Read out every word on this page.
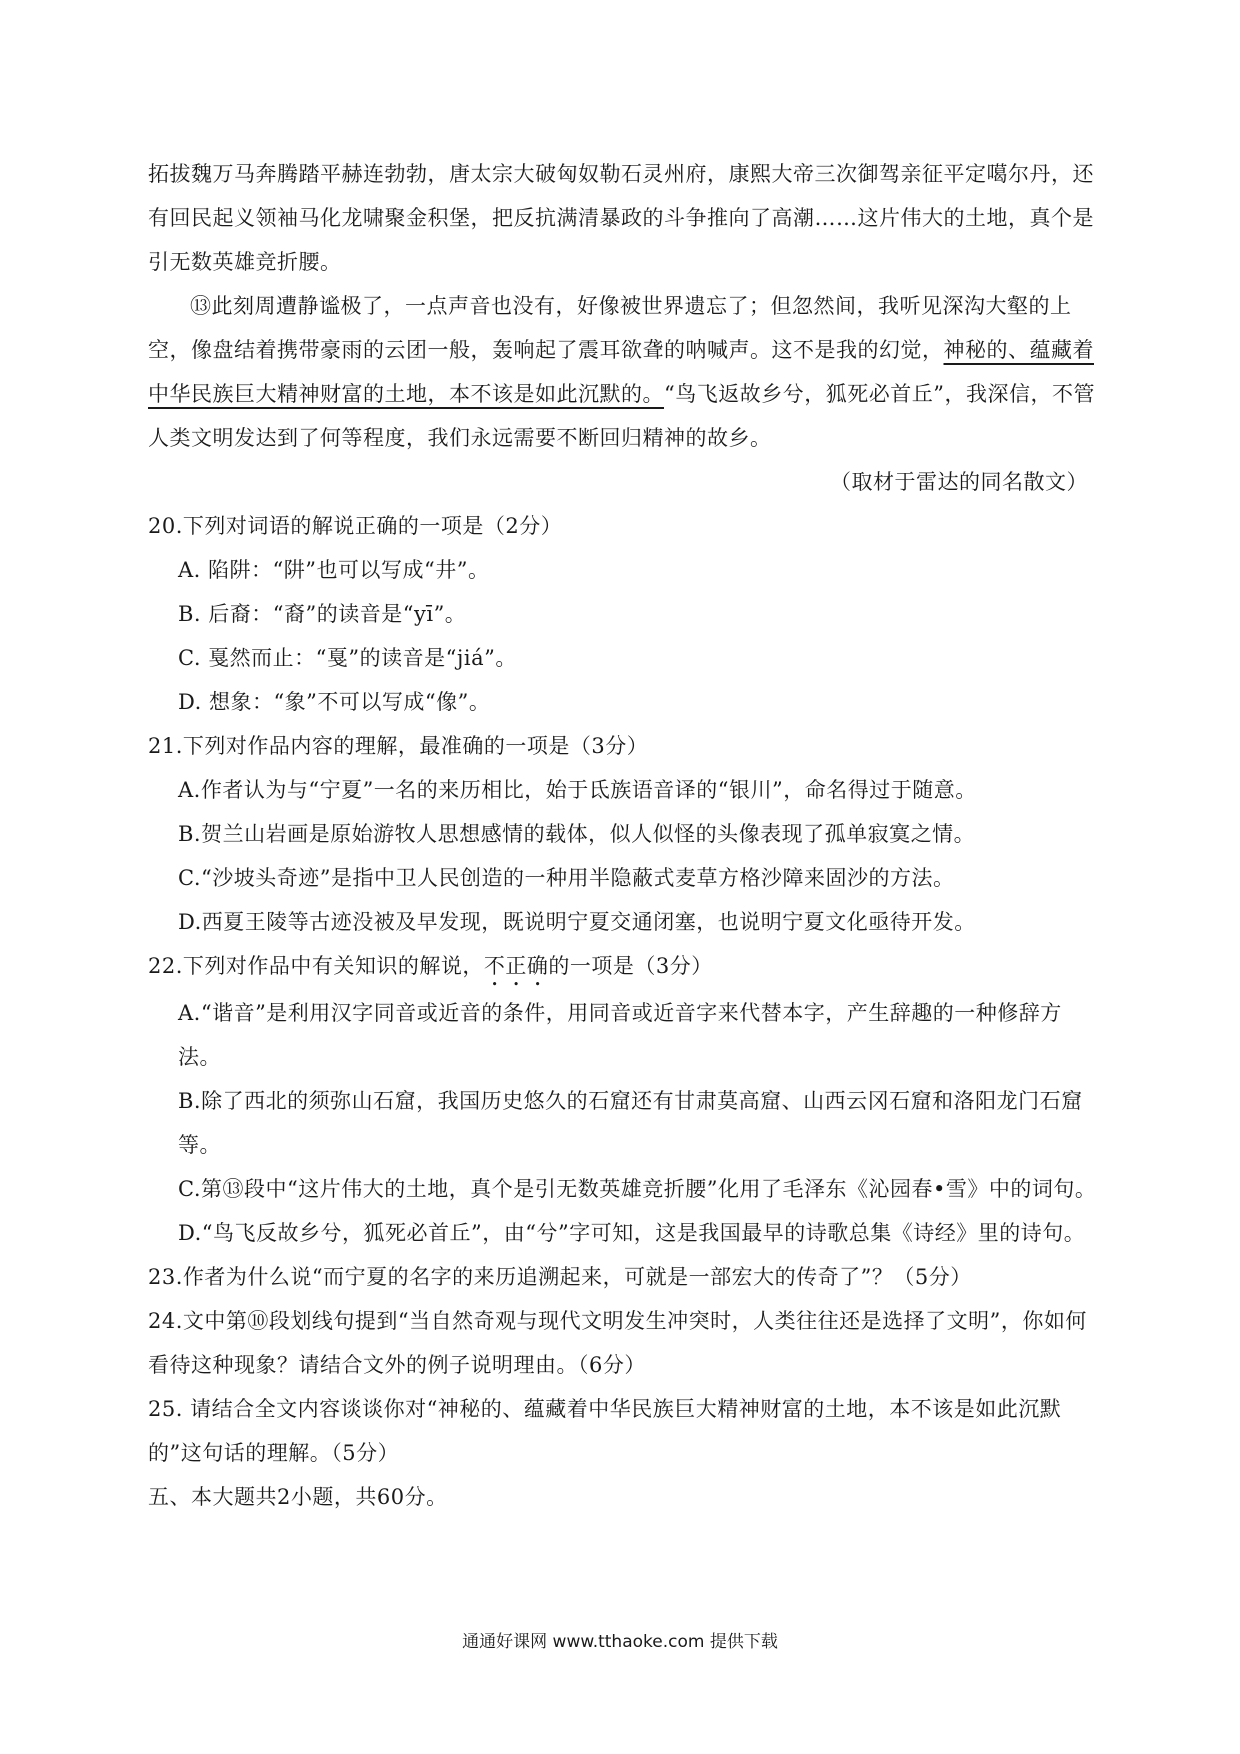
拓拔魏万马奔腾踏平赫连勃勃，唐太宗大破匈奴勒石灵州府，康熙大帝三次御驾亲征平定噶尔丹，还有回民起义领袖马化龙啸聚金积堡，把反抗满清暴政的斗争推向了高潮……这片伟大的土地，真个是引无数英雄竞折腰。

⑬此刻周遭静谧极了，一点声音也没有，好像被世界遗忘了；但忽然间，我听见深沟大壑的上空，像盘结着携带豪雨的云团一般，轰响起了震耳欲聋的呐喊声。这不是我的幻觉，神秘的、蕴藏着中华民族巨大精神财富的土地，本不该是如此沉默的。“鸟飞返故乡兮，狐死必首丘”，我深信，不管人类文明发达到了何等程度，我们永远需要不断回归精神的故乡。

（取材于雷达的同名散文）

20.下列对词语的解说正确的一项是（2分）

A. 陷阱：“阱”也可以写成“井”。

B. 后裔：“裔”的读音是“yī”。

C. 戛然而止：“戛”的读音是“jiá”。

D. 想象：“象”不可以写成“像”。

21.下列对作品内容的理解，最准确的一项是（3分）

A.作者认为与“宁夏”一名的来历相比，始于氐族语音译的“银川”，命名得过于随意。

B.贺兰山岩画是原始游牧人思想感情的载体，似人似怪的头像表现了孤单寂寞之情。

C.“沙坡头奇迹”是指中卫人民创造的一种用半隐蔽式麦草方格沙障来固沙的方法。

D.西夏王陵等古迹没被及早发现，既说明宁夏交通闭塞，也说明宁夏文化亟待开发。

22.下列对作品中有关知识的解说，不正确的一项是（3分）

A.“谐音”是利用汉字同音或近音的条件，用同音或近音字来代替本字，产生辞趣的一种修辞方法。

B.除了西北的须弥山石窟，我国历史悠久的石窟还有甘肃莫高窟、山西云冈石窟和洛阳龙门石窟等。

C.第⑬段中“这片伟大的土地，真个是引无数英雄竞折腰”化用了毛泽东《沁园春•雪》中的词句。

D.“鸟飞反故乡兮，狐死必首丘”，由“兮”字可知，这是我国最早的诗歌总集《诗经》里的诗句。

23.作者为什么说“而宁夏的名字的来历追溯起来，可就是一部宏大的传奇了”？（5分）

24.文中第⑩段划线句提到“当自然奇观与现代文明发生冲突时，人类往往还是选择了文明”，你如何看待这种现象？请结合文外的例子说明理由。（6分）

25. 请结合全文内容谈谈你对“神秘的、蕴藏着中华民族巨大精神财富的土地，本不该是如此沉默的”这句话的理解。（5分）

五、本大题共2小题，共60分。

通通好课网 www.tthaoke.com 提供下载
